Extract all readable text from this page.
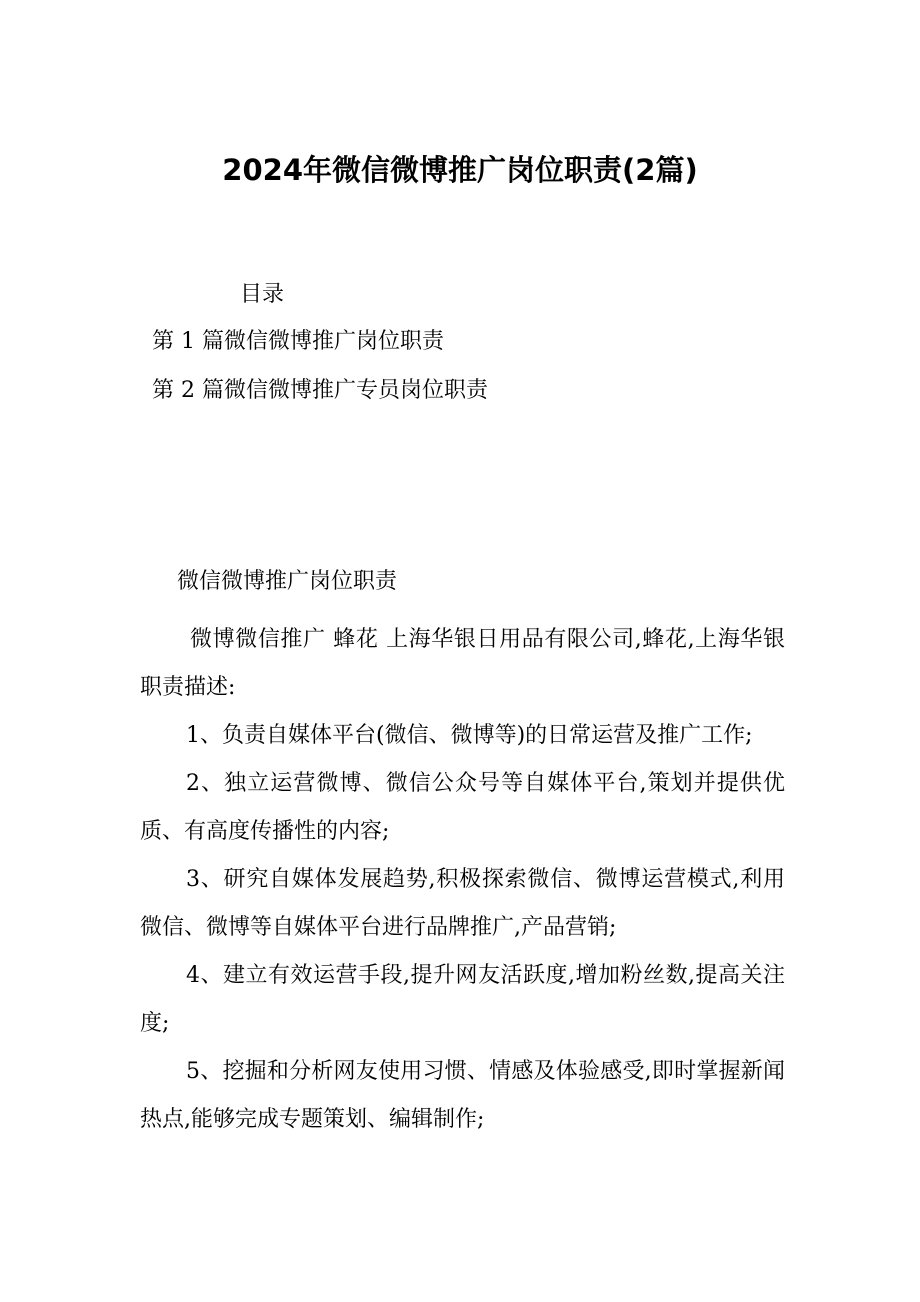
2024年微信微博推广岗位职责(2篇)
目录
第 1 篇微信微博推广岗位职责
第 2 篇微信微博推广专员岗位职责
微信微博推广岗位职责

微博微信推广 蜂花 上海华银日用品有限公司,蜂花,上海华银 职责描述:

1、负责自媒体平台(微信、微博等)的日常运营及推广工作;

2、独立运营微博、微信公众号等自媒体平台,策划并提供优质、有高度传播性的内容;

3、研究自媒体发展趋势,积极探索微信、微博运营模式,利用微信、微博等自媒体平台进行品牌推广,产品营销;

4、建立有效运营手段,提升网友活跃度,增加粉丝数,提高关注度;

5、挖掘和分析网友使用习惯、情感及体验感受,即时掌握新闻热点,能够完成专题策划、编辑制作;
